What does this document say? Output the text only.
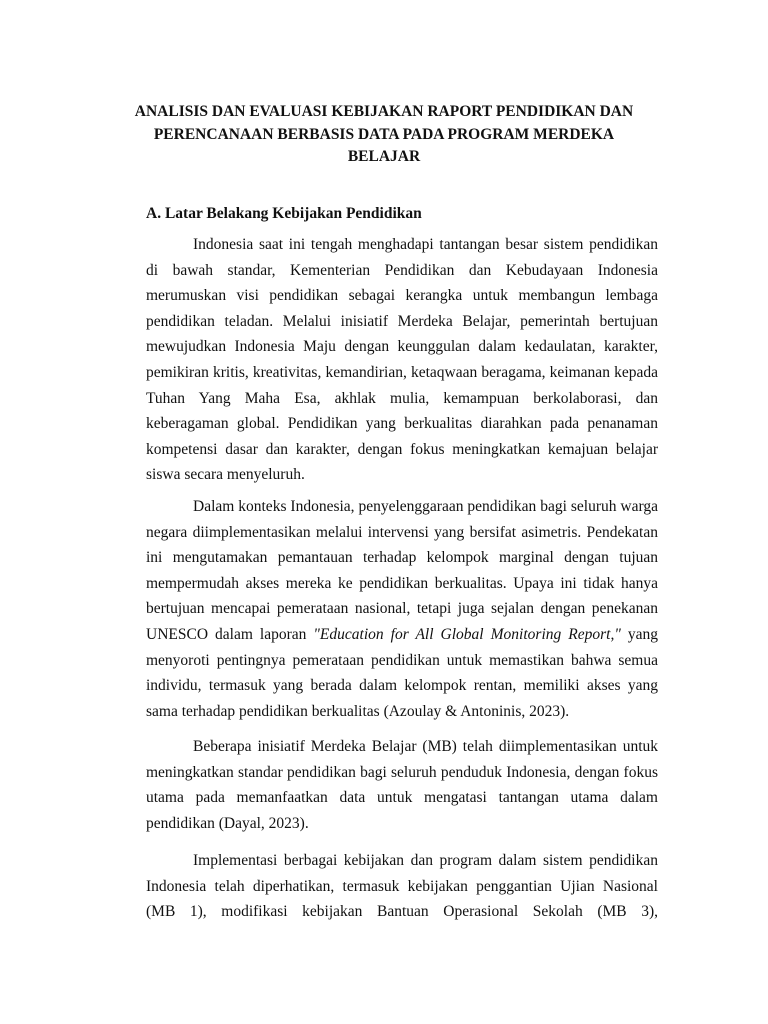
ANALISIS DAN EVALUASI KEBIJAKAN RAPORT PENDIDIKAN DAN
PERENCANAAN BERBASIS DATA PADA PROGRAM MERDEKA
BELAJAR
A. Latar Belakang Kebijakan Pendidikan
Indonesia saat ini tengah menghadapi tantangan besar sistem pendidikan
di bawah standar, Kementerian Pendidikan dan Kebudayaan Indonesia
merumuskan visi pendidikan sebagai kerangka untuk membangun lembaga
pendidikan teladan. Melalui inisiatif Merdeka Belajar, pemerintah bertujuan
mewujudkan Indonesia Maju dengan keunggulan dalam kedaulatan, karakter,
pemikiran kritis, kreativitas, kemandirian, ketaqwaan beragama, keimanan kepada
Tuhan Yang Maha Esa, akhlak mulia, kemampuan berkolaborasi, dan
keberagaman global. Pendidikan yang berkualitas diarahkan pada penanaman
kompetensi dasar dan karakter, dengan fokus meningkatkan kemajuan belajar
siswa secara menyeluruh.
Dalam konteks Indonesia, penyelenggaraan pendidikan bagi seluruh warga
negara diimplementasikan melalui intervensi yang bersifat asimetris. Pendekatan
ini mengutamakan pemantauan terhadap kelompok marginal dengan tujuan
mempermudah akses mereka ke pendidikan berkualitas. Upaya ini tidak hanya
bertujuan mencapai pemerataan nasional, tetapi juga sejalan dengan penekanan
UNESCO dalam laporan "Education for All Global Monitoring Report," yang
menyoroti pentingnya pemerataan pendidikan untuk memastikan bahwa semua
individu, termasuk yang berada dalam kelompok rentan, memiliki akses yang
sama terhadap pendidikan berkualitas (Azoulay & Antoninis, 2023).
Beberapa inisiatif Merdeka Belajar (MB) telah diimplementasikan untuk
meningkatkan standar pendidikan bagi seluruh penduduk Indonesia, dengan fokus
utama pada memanfaatkan data untuk mengatasi tantangan utama dalam
pendidikan (Dayal, 2023).
Implementasi berbagai kebijakan dan program dalam sistem pendidikan
Indonesia telah diperhatikan, termasuk kebijakan penggantian Ujian Nasional
(MB 1), modifikasi kebijakan Bantuan Operasional Sekolah (MB 3),
